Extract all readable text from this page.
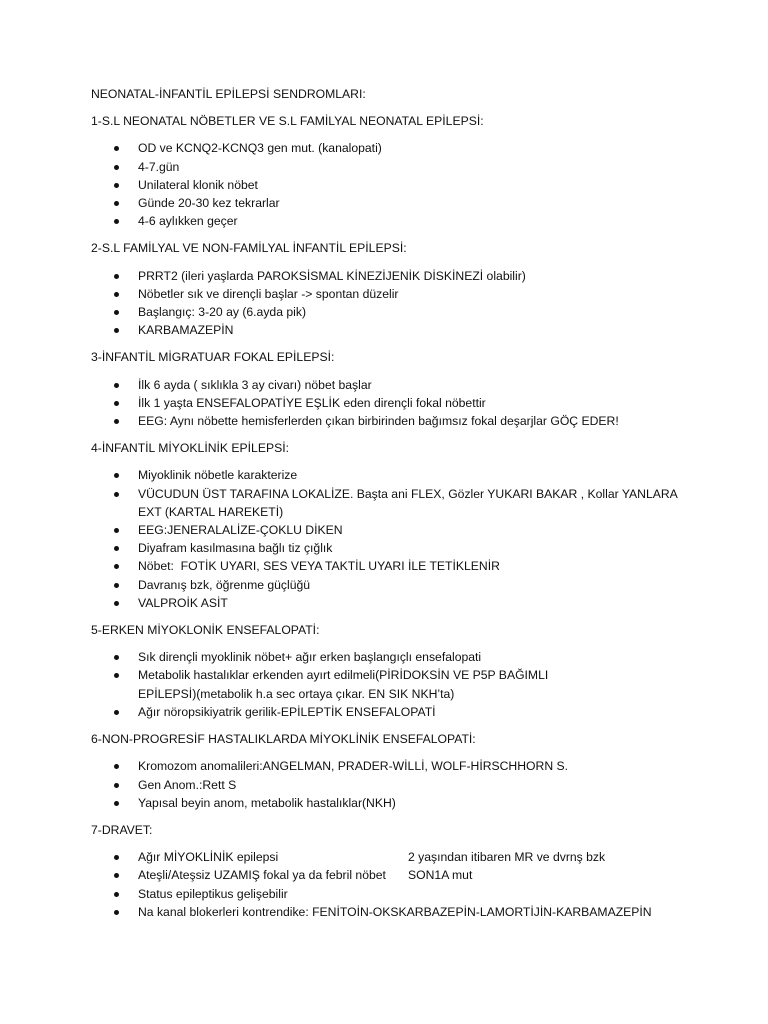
NEONATAL-İNFANTİL EPİLEPSİ SENDROMLARI:

1-S.L NEONATAL NÖBETLER VE S.L FAMİLYAL NEONATAL EPİLEPSİ:

OD ve KCNQ2-KCNQ3 gen mut. (kanalopati)
4-7.gün
Unilateral klonik nöbet
Günde 20-30 kez tekrarlar
4-6 aylıkken geçer

2-S.L FAMİLYAL VE NON-FAMİLYAL İNFANTİL EPİLEPSİ:

PRRT2 (ileri yaşlarda PAROKSİSMAL KİNEZİJENİK DİSKİNEZİ olabilir)
Nöbetler sık ve dirençli başlar -> spontan düzelir
Başlangıç: 3-20 ay (6.ayda pik)
KARBAMAZEPİN

3-İNFANTİL MİGRATUAR FOKAL EPİLEPSİ:

İlk 6 ayda ( sıklıkla 3 ay civarı) nöbet başlar
İlk 1 yaşta ENSEFALOPATİYE EŞLİK eden dirençli fokal nöbettir
EEG: Aynı nöbette hemisferlerden çıkan birbirinden bağımsız fokal deşarjlar GÖÇ EDER!

4-İNFANTİL MİYOKLİNİK EPİLEPSİ:

Miyoklinik nöbetle karakterize
VÜCUDUN ÜST TARAFINA LOKALİZE. Başta ani FLEX, Gözler YUKARI BAKAR , Kollar YANLARA
EXT (KARTAL HAREKETİ)
EEG:JENERALALİZE-ÇOKLU DİKEN
Diyafram kasılmasına bağlı tiz çığlık
Nöbet:  FOTİK UYARI, SES VEYA TAKTİL UYARI İLE TETİKLENİR
Davranış bzk, öğrenme güçlüğü
VALPROİK ASİT

5-ERKEN MİYOKLONİK ENSEFALOPATİ:

Sık dirençli myoklinik nöbet+ ağır erken başlangıçlı ensefalopati
Metabolik hastalıklar erkenden ayırt edilmeli(PİRİDOKSİN VE P5P BAĞIMLI
EPİLEPSİ)(metabolik h.a sec ortaya çıkar. EN SIK NKH’ta)
Ağır nöropsikiyatrik gerilik-EPİLEPTİK ENSEFALOPATİ

6-NON-PROGRESİF HASTALIKLARDA MİYOKLİNİK ENSEFALOPATİ:

Kromozom anomalileri:ANGELMAN, PRADER-WİLLİ, WOLF-HİRSCHHORN S.
Gen Anom.:Rett S
Yapısal beyin anom, metabolik hastalıklar(NKH)

7-DRAVET:

Ağır MİYOKLİNİK epilepsi	2 yaşından itibaren MR ve dvrnş bzk
Ateşli/Ateşsiz UZAMIŞ fokal ya da febril nöbet SON1A mut
Status epileptikus gelişebilir
Na kanal blokerleri kontrendike: FENİTOİN-OKSKARBAZEPİN-LAMORTİJİN-KARBAMAZEPİN
